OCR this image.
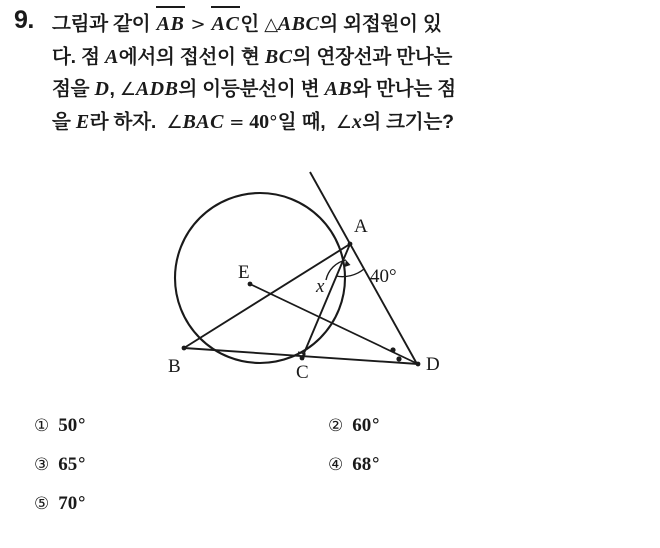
9. 그림과 같이 AB > AC인 △ABC의 외접원이 있
다. 점 A에서의 접선이 현 BC의 연장선과 만나는
점을 D, ∠ADB의 이등분선이 변 AB와 만나는 점
을 E라 하자. ∠BAC = 40°일 때, ∠x의 크기는?
A
B	C	D
E
x 40°
① 50°	② 60°
③ 65°	④ 68°
⑤ 70°
